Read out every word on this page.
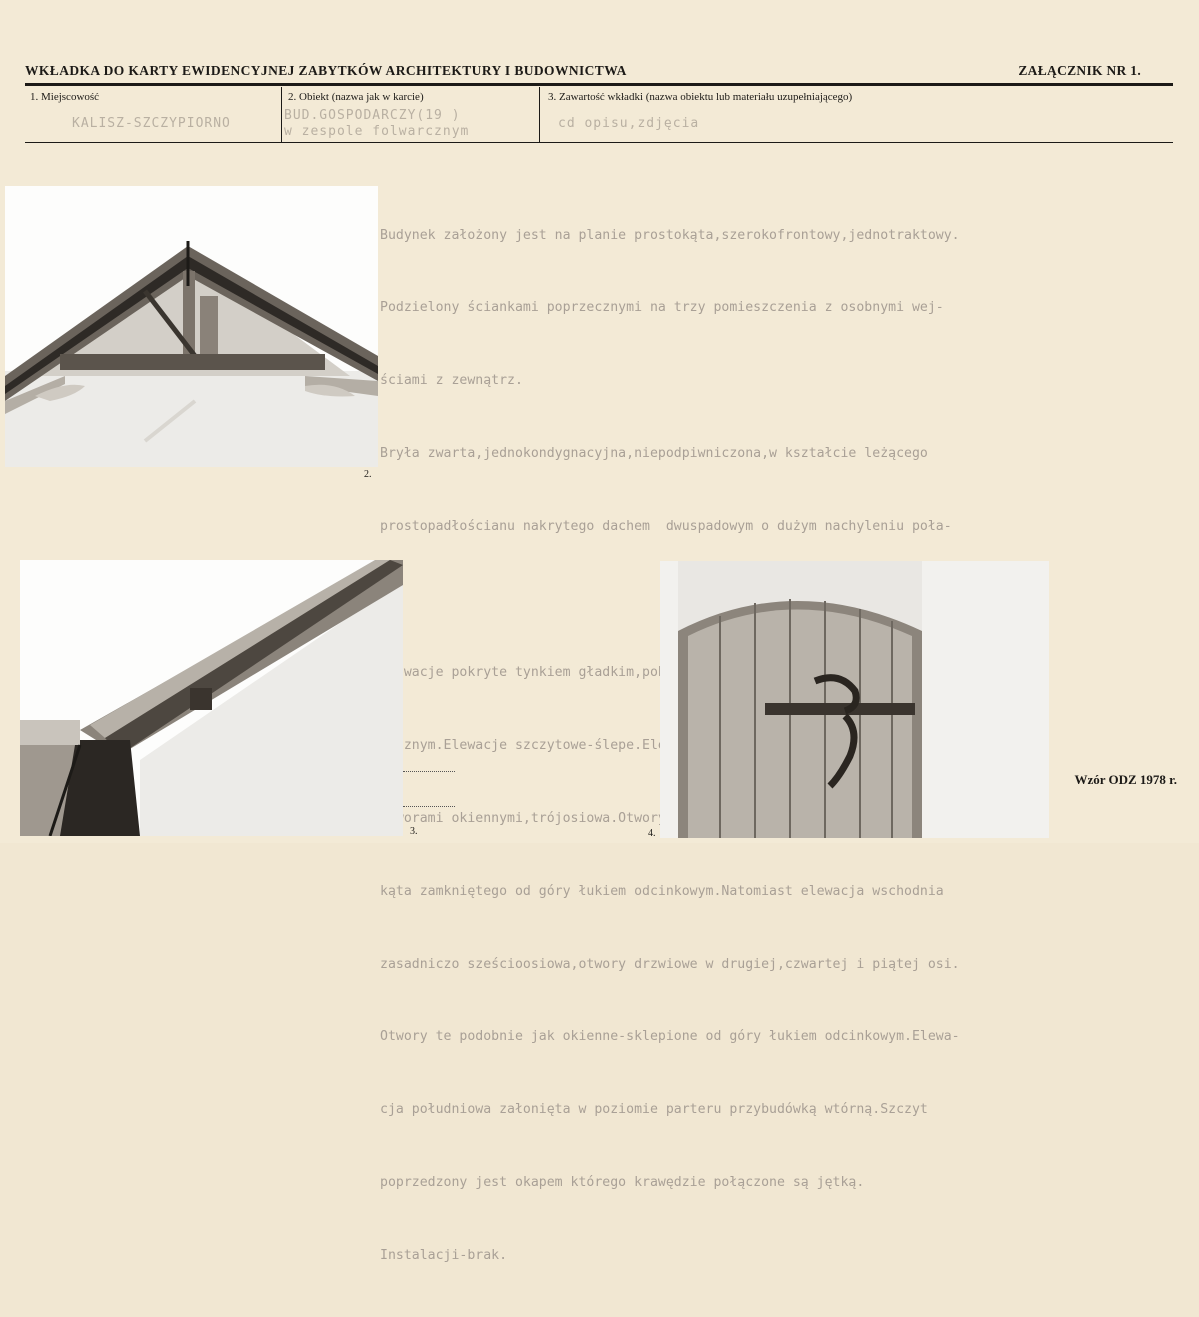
WKŁADKA DO KARTY EWIDENCYJNEJ ZABYTKÓW ARCHITEKTURY I BUDOWNICTWA	ZAŁĄCZNIK NR 1.
1. Miejscowość
KALISZ-SZCZYPIORNO
2. Obiekt (nazwa jak w karcie)
BUD.GOSPODARCZY(19 )
w zespole folwarcznym
3. Zawartość wkładki (nazwa obiektu lub materiału uzupełniającego)
cd opisu,zdjęcia

Budynek założony jest na planie prostokąta,szerokofrontowy,jednotraktowy.

Podzielony ściankami poprzecznymi na trzy pomieszczenia z osobnymi wej-

ściami z zewnątrz.

Bryła zwarta,jednokondygnacyjna,niepodpiwniczona,w kształcie leżącego

prostopadłościanu nakrytego dachem  dwuspadowym o dużym nachyleniu poła-

Elewacje pokryte tynkiem gładkim,pobielone,o

nicznym.Elewacje szczytowe-ślepe.Elewacja

otworami okiennymi,trójosiowa.Otwory

kąta zamkniętego od góry łukiem odcinkowym.Natomiast elewacja wschodnia

zasadniczo sześcioosiowa,otwory drzwiowe w drugiej,czwartej i piątej osi.

Otwory te podobnie jak okienne-sklepione od góry łukiem odcinkowym.Elewa-

cja południowa załonięta w poziomie parteru przybudówką wtórną.Szczyt

poprzedzony jest okapem którego krawędzie połączone są jętką.

Instalacji-brak.

2.
3.	4.
Wzór ODZ 1978 r.
